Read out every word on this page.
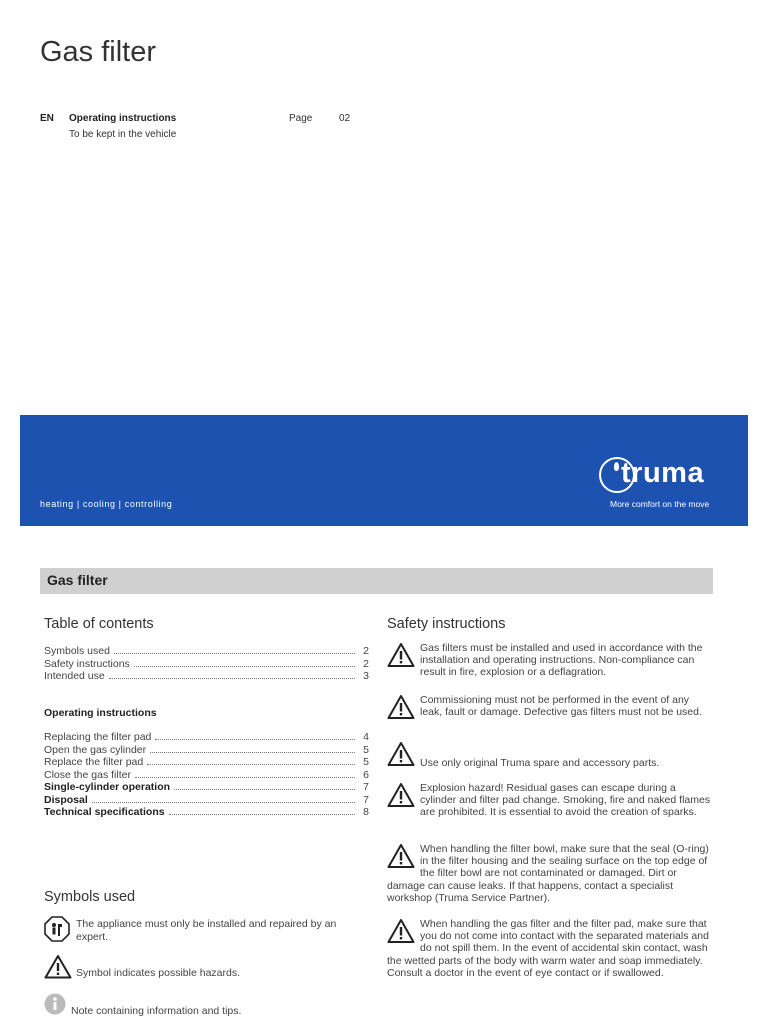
Gas filter
EN Operating instructions
To be kept in the vehicle
Page	02
heating | cooling | controlling
truma
More comfort on the move
Gas filter
Table of contents
Symbols used	2
Safety instructions	2
Intended use	3
Operating instructions
Replacing the filter pad	4
Open the gas cylinder	5
Replace the filter pad	5
Close the gas filter	6
Single-cylinder operation	7
Disposal	7
Technical specifications	8
Symbols used
The appliance must only be installed and repaired by an expert.
Symbol indicates possible hazards.
Note containing information and tips.
Safety instructions
Gas filters must be installed and used in accordance with the installation and operating instructions. Non-compliance can result in fire, explosion or a deflagration.
Commissioning must not be performed in the event of any leak, fault or damage. Defective gas filters must not be used.
Use only original Truma spare and accessory parts.
Explosion hazard! Residual gases can escape during a cylinder and filter pad change. Smoking, fire and naked flames are prohibited. It is essential to avoid the creation of sparks.
When handling the filter bowl, make sure that the seal (O-ring) in the filter housing and the sealing surface on the top edge of the filter bowl are not contaminated or damaged. Dirt or damage can cause leaks. If that happens, contact a specialist workshop (Truma Service Partner).
When handling the gas filter and the filter pad, make sure that you do not come into contact with the separated materials and do not spill them. In the event of accidental skin contact, wash the wetted parts of the body with warm water and soap immediately. Consult a doctor in the event of eye contact or if swallowed.
